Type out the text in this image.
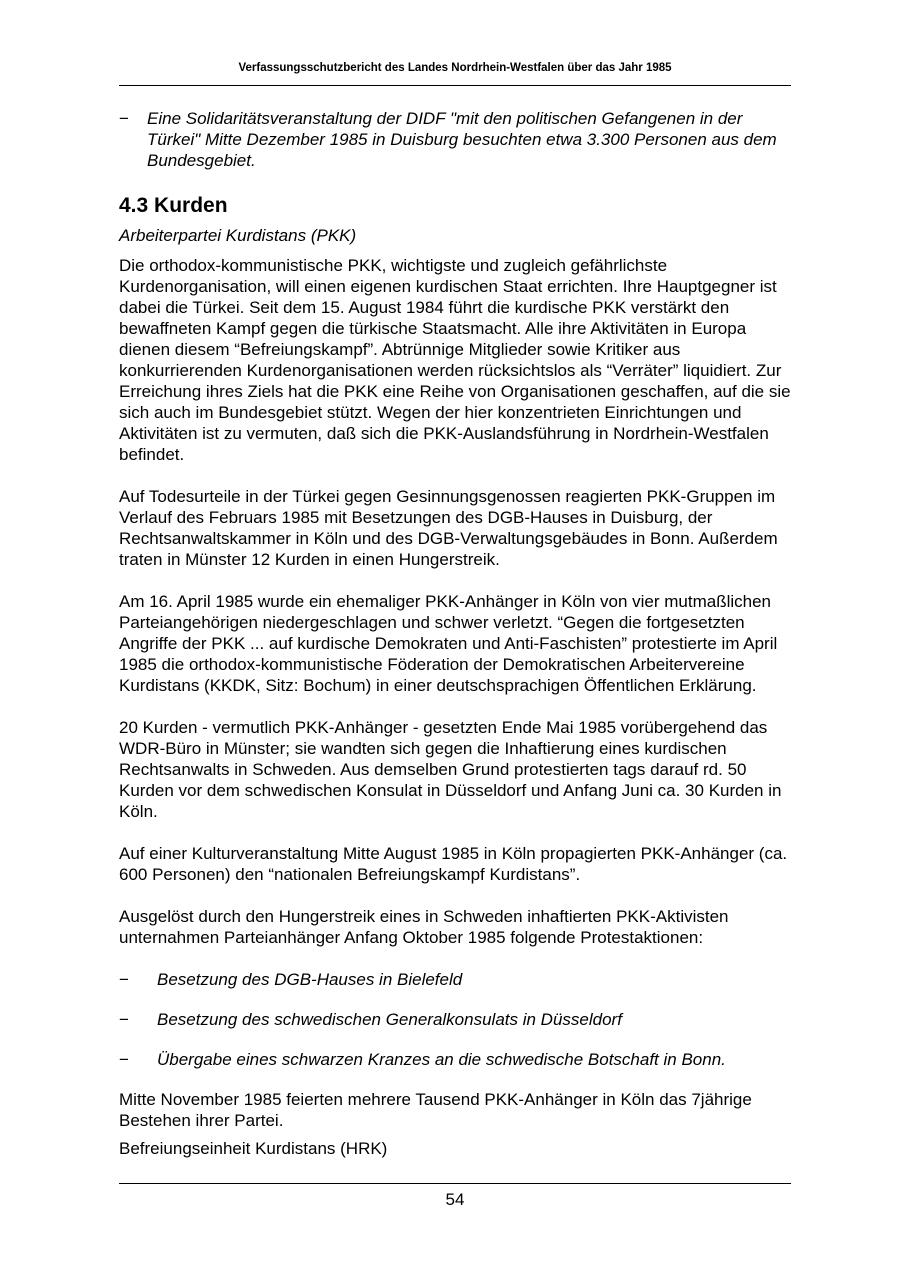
Verfassungsschutzbericht des Landes Nordrhein-Westfalen über das Jahr 1985
− Eine Solidaritätsveranstaltung der DIDF "mit den politischen Gefangenen in der Türkei" Mitte Dezember 1985 in Duisburg besuchten etwa 3.300 Personen aus dem Bundesgebiet.
4.3 Kurden
Arbeiterpartei Kurdistans (PKK)

Die orthodox-kommunistische PKK, wichtigste und zugleich gefährlichste Kurdenorganisation, will einen eigenen kurdischen Staat errichten. Ihre Hauptgegner ist dabei die Türkei. Seit dem 15. August 1984 führt die kurdische PKK verstärkt den bewaffneten Kampf gegen die türkische Staatsmacht. Alle ihre Aktivitäten in Europa dienen diesem “Befreiungskampf”. Abtrünnige Mitglieder sowie Kritiker aus konkurrierenden Kurdenorganisationen werden rücksichtslos als “Verräter” liquidiert. Zur Erreichung ihres Ziels hat die PKK eine Reihe von Organisationen geschaffen, auf die sie sich auch im Bundesgebiet stützt. Wegen der hier konzentrieten Einrichtungen und Aktivitäten ist zu vermuten, daß sich die PKK-Auslandsführung in Nordrhein-Westfalen befindet.

Auf Todesurteile in der Türkei gegen Gesinnungsgenossen reagierten PKK-Gruppen im Verlauf des Februars 1985 mit Besetzungen des DGB-Hauses in Duisburg, der Rechtsanwaltskammer in Köln und des DGB-Verwaltungsgebäudes in Bonn. Außerdem traten in Münster 12 Kurden in einen Hungerstreik.

Am 16. April 1985 wurde ein ehemaliger PKK-Anhänger in Köln von vier mutmaßlichen Parteiangehörigen niedergeschlagen und schwer verletzt. “Gegen die fortgesetzten Angriffe der PKK ... auf kurdische Demokraten und Anti-Faschisten” protestierte im April 1985 die orthodox-kommunistische Föderation der Demokratischen Arbeitervereine Kurdistans (KKDK, Sitz: Bochum) in einer deutschsprachigen Öffentlichen Erklärung.

20 Kurden - vermutlich PKK-Anhänger - gesetzten Ende Mai 1985 vorübergehend das WDR-Büro in Münster; sie wandten sich gegen die Inhaftierung eines kurdischen Rechtsanwalts in Schweden. Aus demselben Grund protestierten tags darauf rd. 50 Kurden vor dem schwedischen Konsulat in Düsseldorf und Anfang Juni ca. 30 Kurden in Köln.

Auf einer Kulturveranstaltung Mitte August 1985 in Köln propagierten PKK-Anhänger (ca. 600 Personen) den “nationalen Befreiungskampf Kurdistans”.

Ausgelöst durch den Hungerstreik eines in Schweden inhaftierten PKK-Aktivisten unternahmen Parteianhänger Anfang Oktober 1985 folgende Protestaktionen:

− Besetzung des DGB-Hauses in Bielefeld
− Besetzung des schwedischen Generalkonsulats in Düsseldorf
− Übergabe eines schwarzen Kranzes an die schwedische Botschaft in Bonn.

Mitte November 1985 feierten mehrere Tausend PKK-Anhänger in Köln das 7jährige Bestehen ihrer Partei.

Befreiungseinheit Kurdistans (HRK)

54
